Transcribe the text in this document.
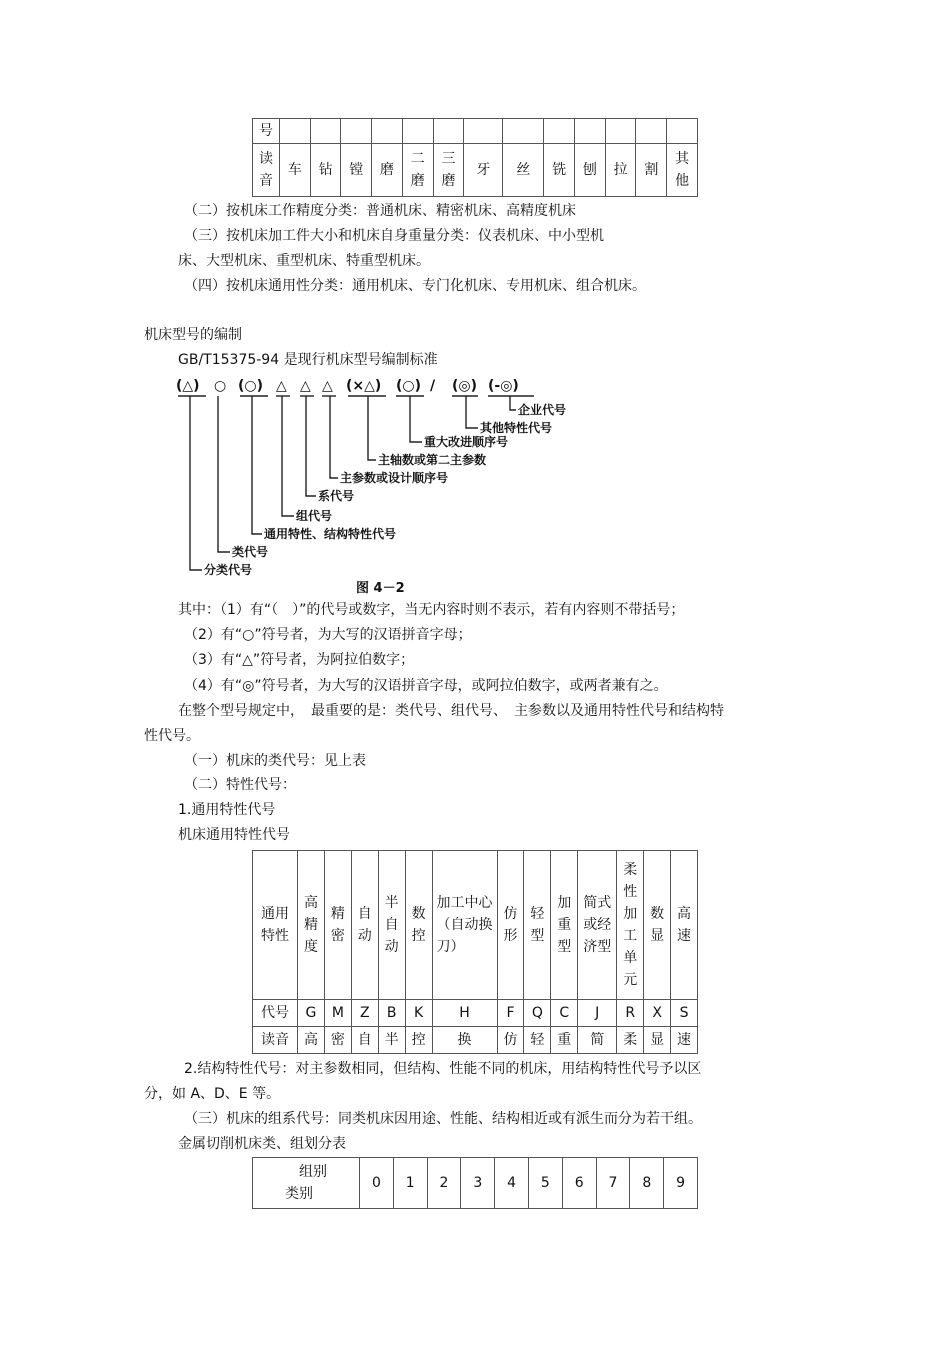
号													
读音	车	钻	镗	磨	二磨	三磨	牙	丝	铣	刨	拉	割	其他
（二）按机床工作精度分类：普通机床、精密机床、高精度机床
（三）按机床加工件大小和机床自身重量分类：仪表机床、中小型机
床、大型机床、重型机床、特重型机床。
（四）按机床通用性分类：通用机床、专门化机床、专用机床、组合机床。
机床型号的编制
GB/T15375-94 是现行机床型号编制标准
(△) ○ (○) △ △ △ (×△) (○) / (◎) (-◎)
企业代号
其他特性代号
重大改进顺序号
主轴数或第二主参数
主参数或设计顺序号
系代号
组代号
通用特性、结构特性代号
类代号
分类代号
图 4－2
其中：（1）有“（　）”的代号或数字，当无内容时则不表示，若有内容则不带括号；
（2）有“○”符号者，为大写的汉语拼音字母；
（3）有“△”符号者，为阿拉伯数字；
（4）有“◎”符号者，为大写的汉语拼音字母，或阿拉伯数字，或两者兼有之。
在整个型号规定中，　最重要的是：类代号、组代号、　主参数以及通用特性代号和结构特
性代号。
（一）机床的类代号：见上表
（二）特性代号：
1.通用特性代号
机床通用特性代号
通用特性	高精度	精密	自动	半自动	数控	加工中心（自动换刀）	仿形	轻型	加重型	简式或经济型	柔性加工单元	数显	高速
代号	G	M	Z	B	K	H	F	Q	C	J	R	X	S
读音	高	密	自	半	控	换	仿	轻	重	简	柔	显	速
2.结构特性代号：对主参数相同，但结构、性能不同的机床，用结构特性代号予以区
分，如 A、D、E 等。
（三）机床的组系代号：同类机床因用途、性能、结构相近或有派生而分为若干组。
金属切削机床类、组划分表
组别
类别
	0	1	2	3	4	5	6	7	8	9
